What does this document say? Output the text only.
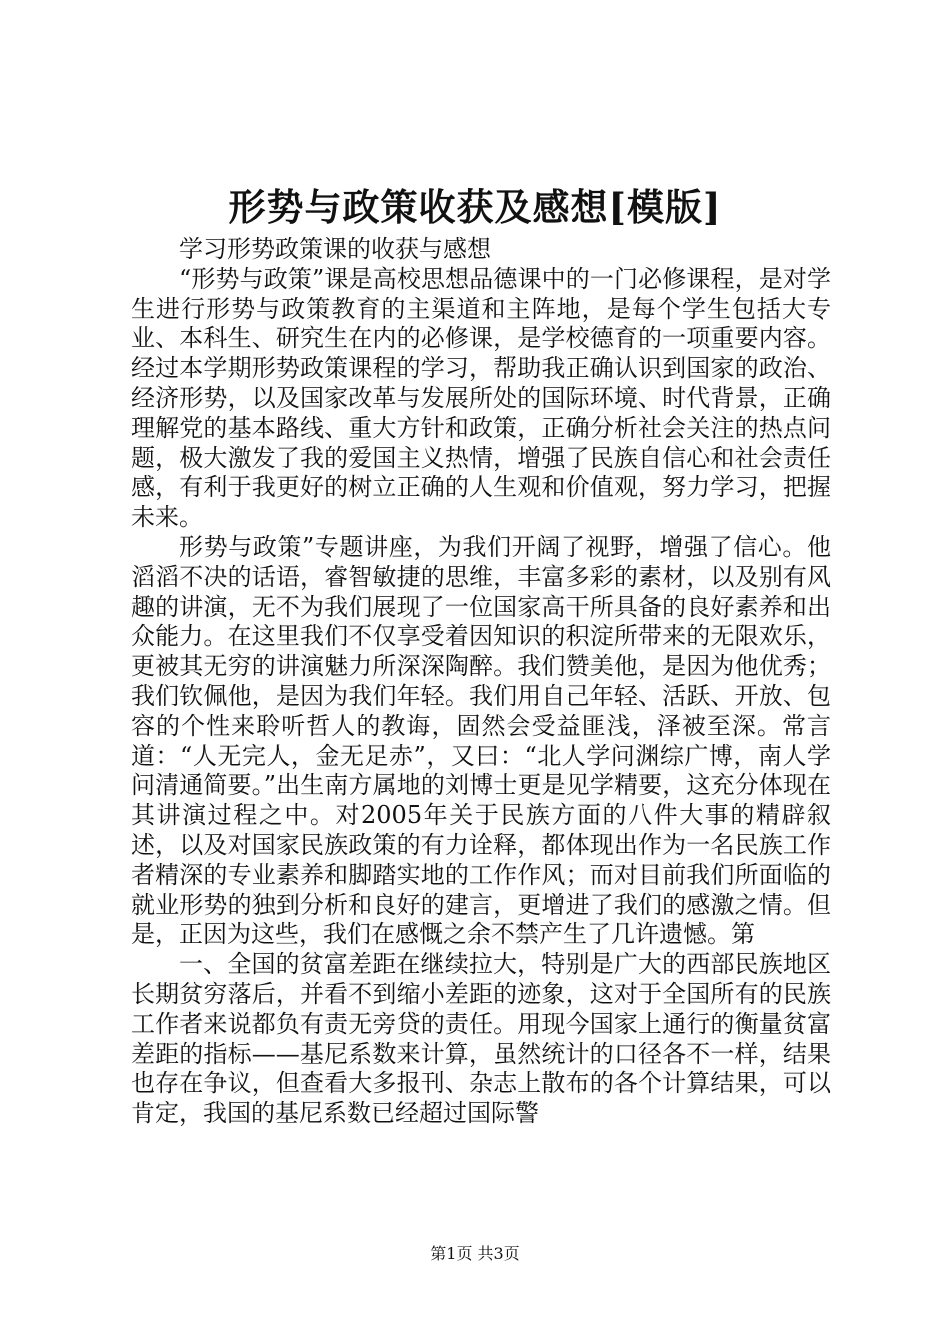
形势与政策收获及感想[模版]

学习形势政策课的收获与感想

“形势与政策”课是高校思想品德课中的一门必修课程，是对学生进行形势与政策教育的主渠道和主阵地，是每个学生包括大专业、本科生、研究生在内的必修课，是学校德育的一项重要内容。经过本学期形势政策课程的学习，帮助我正确认识到国家的政治、经济形势，以及国家改革与发展所处的国际环境、时代背景，正确理解党的基本路线、重大方针和政策，正确分析社会关注的热点问题，极大激发了我的爱国主义热情，增强了民族自信心和社会责任感，有利于我更好的树立正确的人生观和价值观，努力学习，把握未来。

形势与政策”专题讲座，为我们开阔了视野，增强了信心。他滔滔不决的话语，睿智敏捷的思维，丰富多彩的素材，以及别有风趣的讲演，无不为我们展现了一位国家高干所具备的良好素养和出众能力。在这里我们不仅享受着因知识的积淀所带来的无限欢乐，更被其无穷的讲演魅力所深深陶醉。我们赞美他，是因为他优秀；我们钦佩他，是因为我们年轻。我们用自己年轻、活跃、开放、包容的个性来聆听哲人的教诲，固然会受益匪浅，泽被至深。常言道：“人无完人，金无足赤”，又曰：“北人学问渊综广博，南人学问清通简要。”出生南方属地的刘博士更是见学精要，这充分体现在其讲演过程之中。对2005年关于民族方面的八件大事的精辟叙述，以及对国家民族政策的有力诠释，都体现出作为一名民族工作者精深的专业素养和脚踏实地的工作作风；而对目前我们所面临的就业形势的独到分析和良好的建言，更增进了我们的感激之情。但是，正因为这些，我们在感慨之余不禁产生了几许遗憾。第

一、全国的贫富差距在继续拉大，特别是广大的西部民族地区长期贫穷落后，并看不到缩小差距的迹象，这对于全国所有的民族工作者来说都负有责无旁贷的责任。用现今国家上通行的衡量贫富差距的指标——基尼系数来计算，虽然统计的口径各不一样，结果也存在争议，但查看大多报刊、杂志上散布的各个计算结果，可以肯定，我国的基尼系数已经超过国际警

第1页 共3页
